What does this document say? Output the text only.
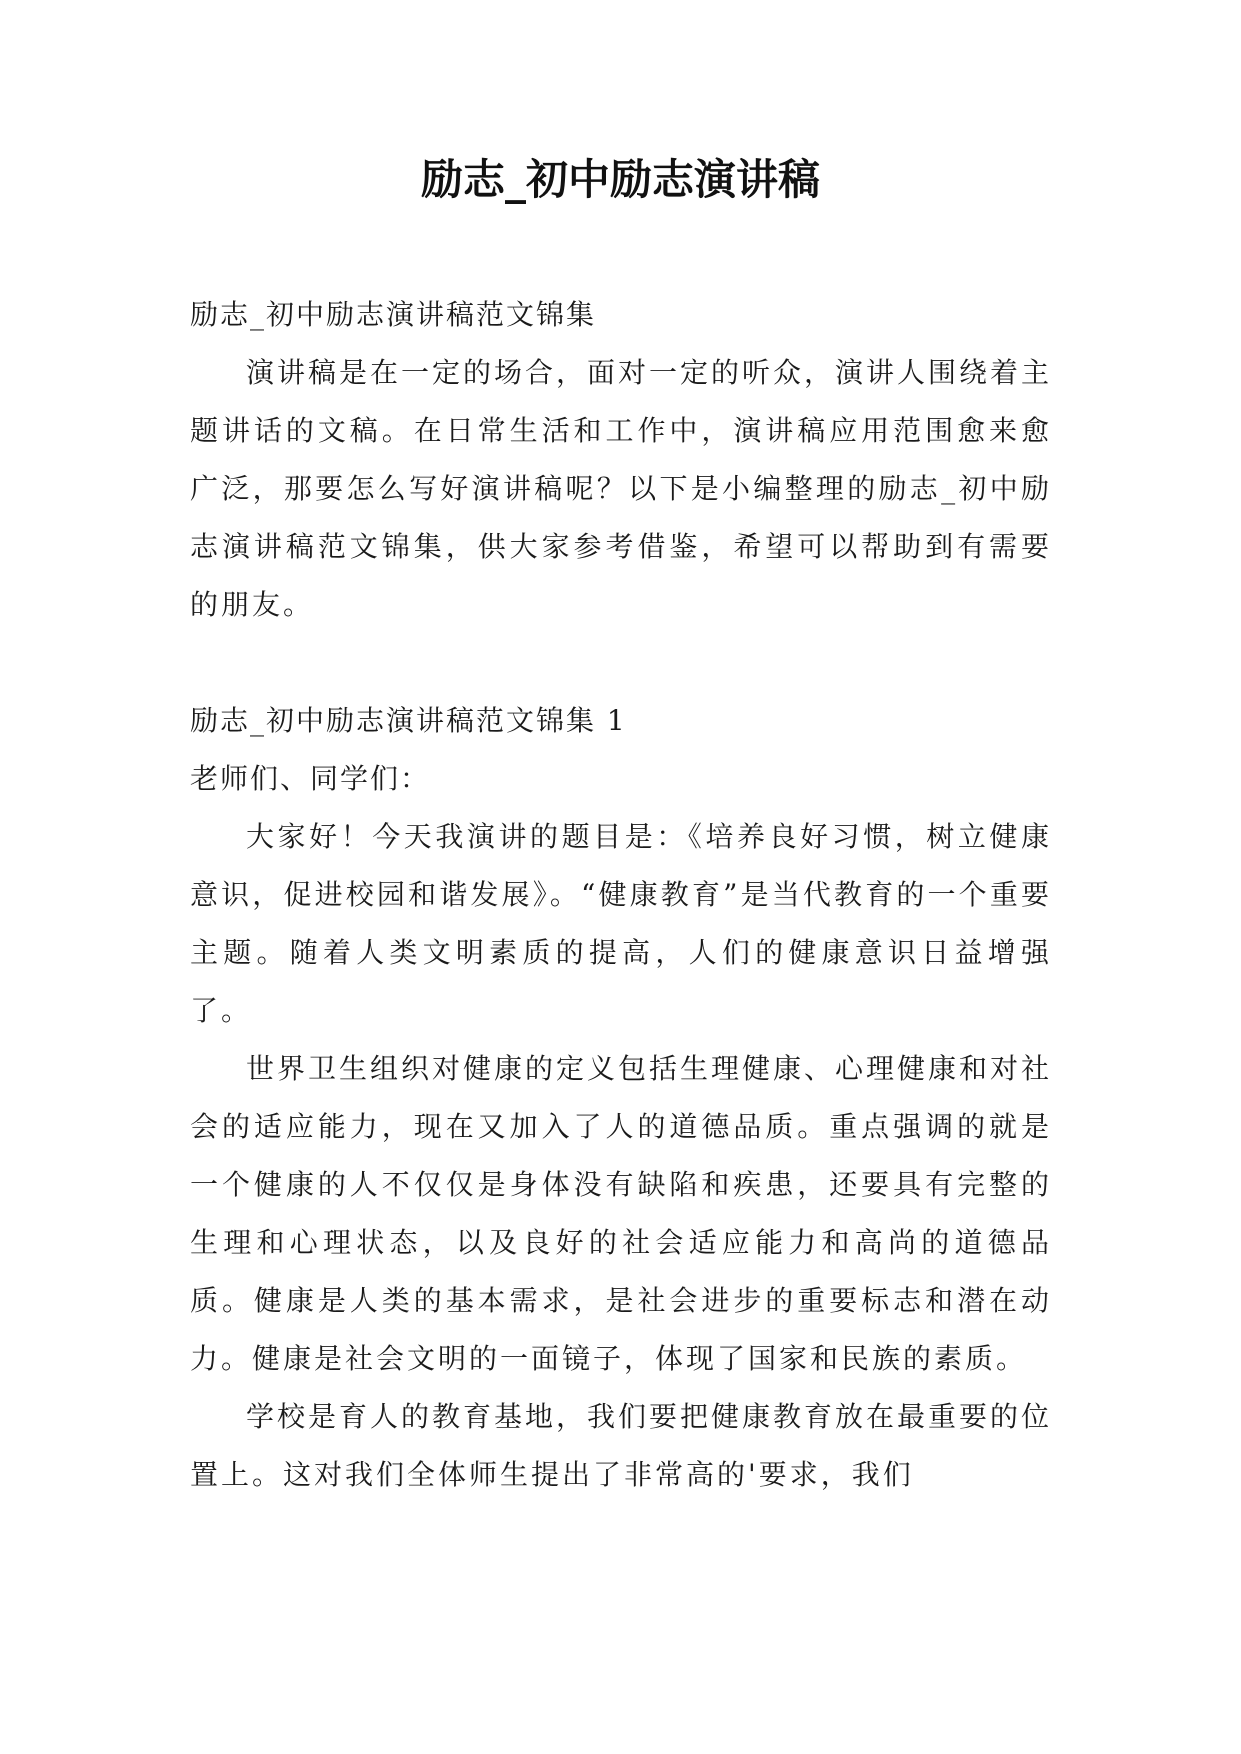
励志_初中励志演讲稿
励志_初中励志演讲稿范文锦集

演讲稿是在一定的场合，面对一定的听众，演讲人围绕着主题讲话的文稿。在日常生活和工作中，演讲稿应用范围愈来愈广泛，那要怎么写好演讲稿呢？以下是小编整理的励志_初中励志演讲稿范文锦集，供大家参考借鉴，希望可以帮助到有需要的朋友。

励志_初中励志演讲稿范文锦集 1
老师们、同学们：

大家好！今天我演讲的题目是：《培养良好习惯，树立健康意识，促进校园和谐发展》。“健康教育”是当代教育的一个重要主题。随着人类文明素质的提高，人们的健康意识日益增强了。

世界卫生组织对健康的定义包括生理健康、心理健康和对社会的适应能力，现在又加入了人的道德品质。重点强调的就是一个健康的人不仅仅是身体没有缺陷和疾患，还要具有完整的生理和心理状态，以及良好的社会适应能力和高尚的道德品质。健康是人类的基本需求，是社会进步的重要标志和潜在动力。健康是社会文明的一面镜子，体现了国家和民族的素质。

学校是育人的教育基地，我们要把健康教育放在最重要的位置上。这对我们全体师生提出了非常高的'要求，我们
